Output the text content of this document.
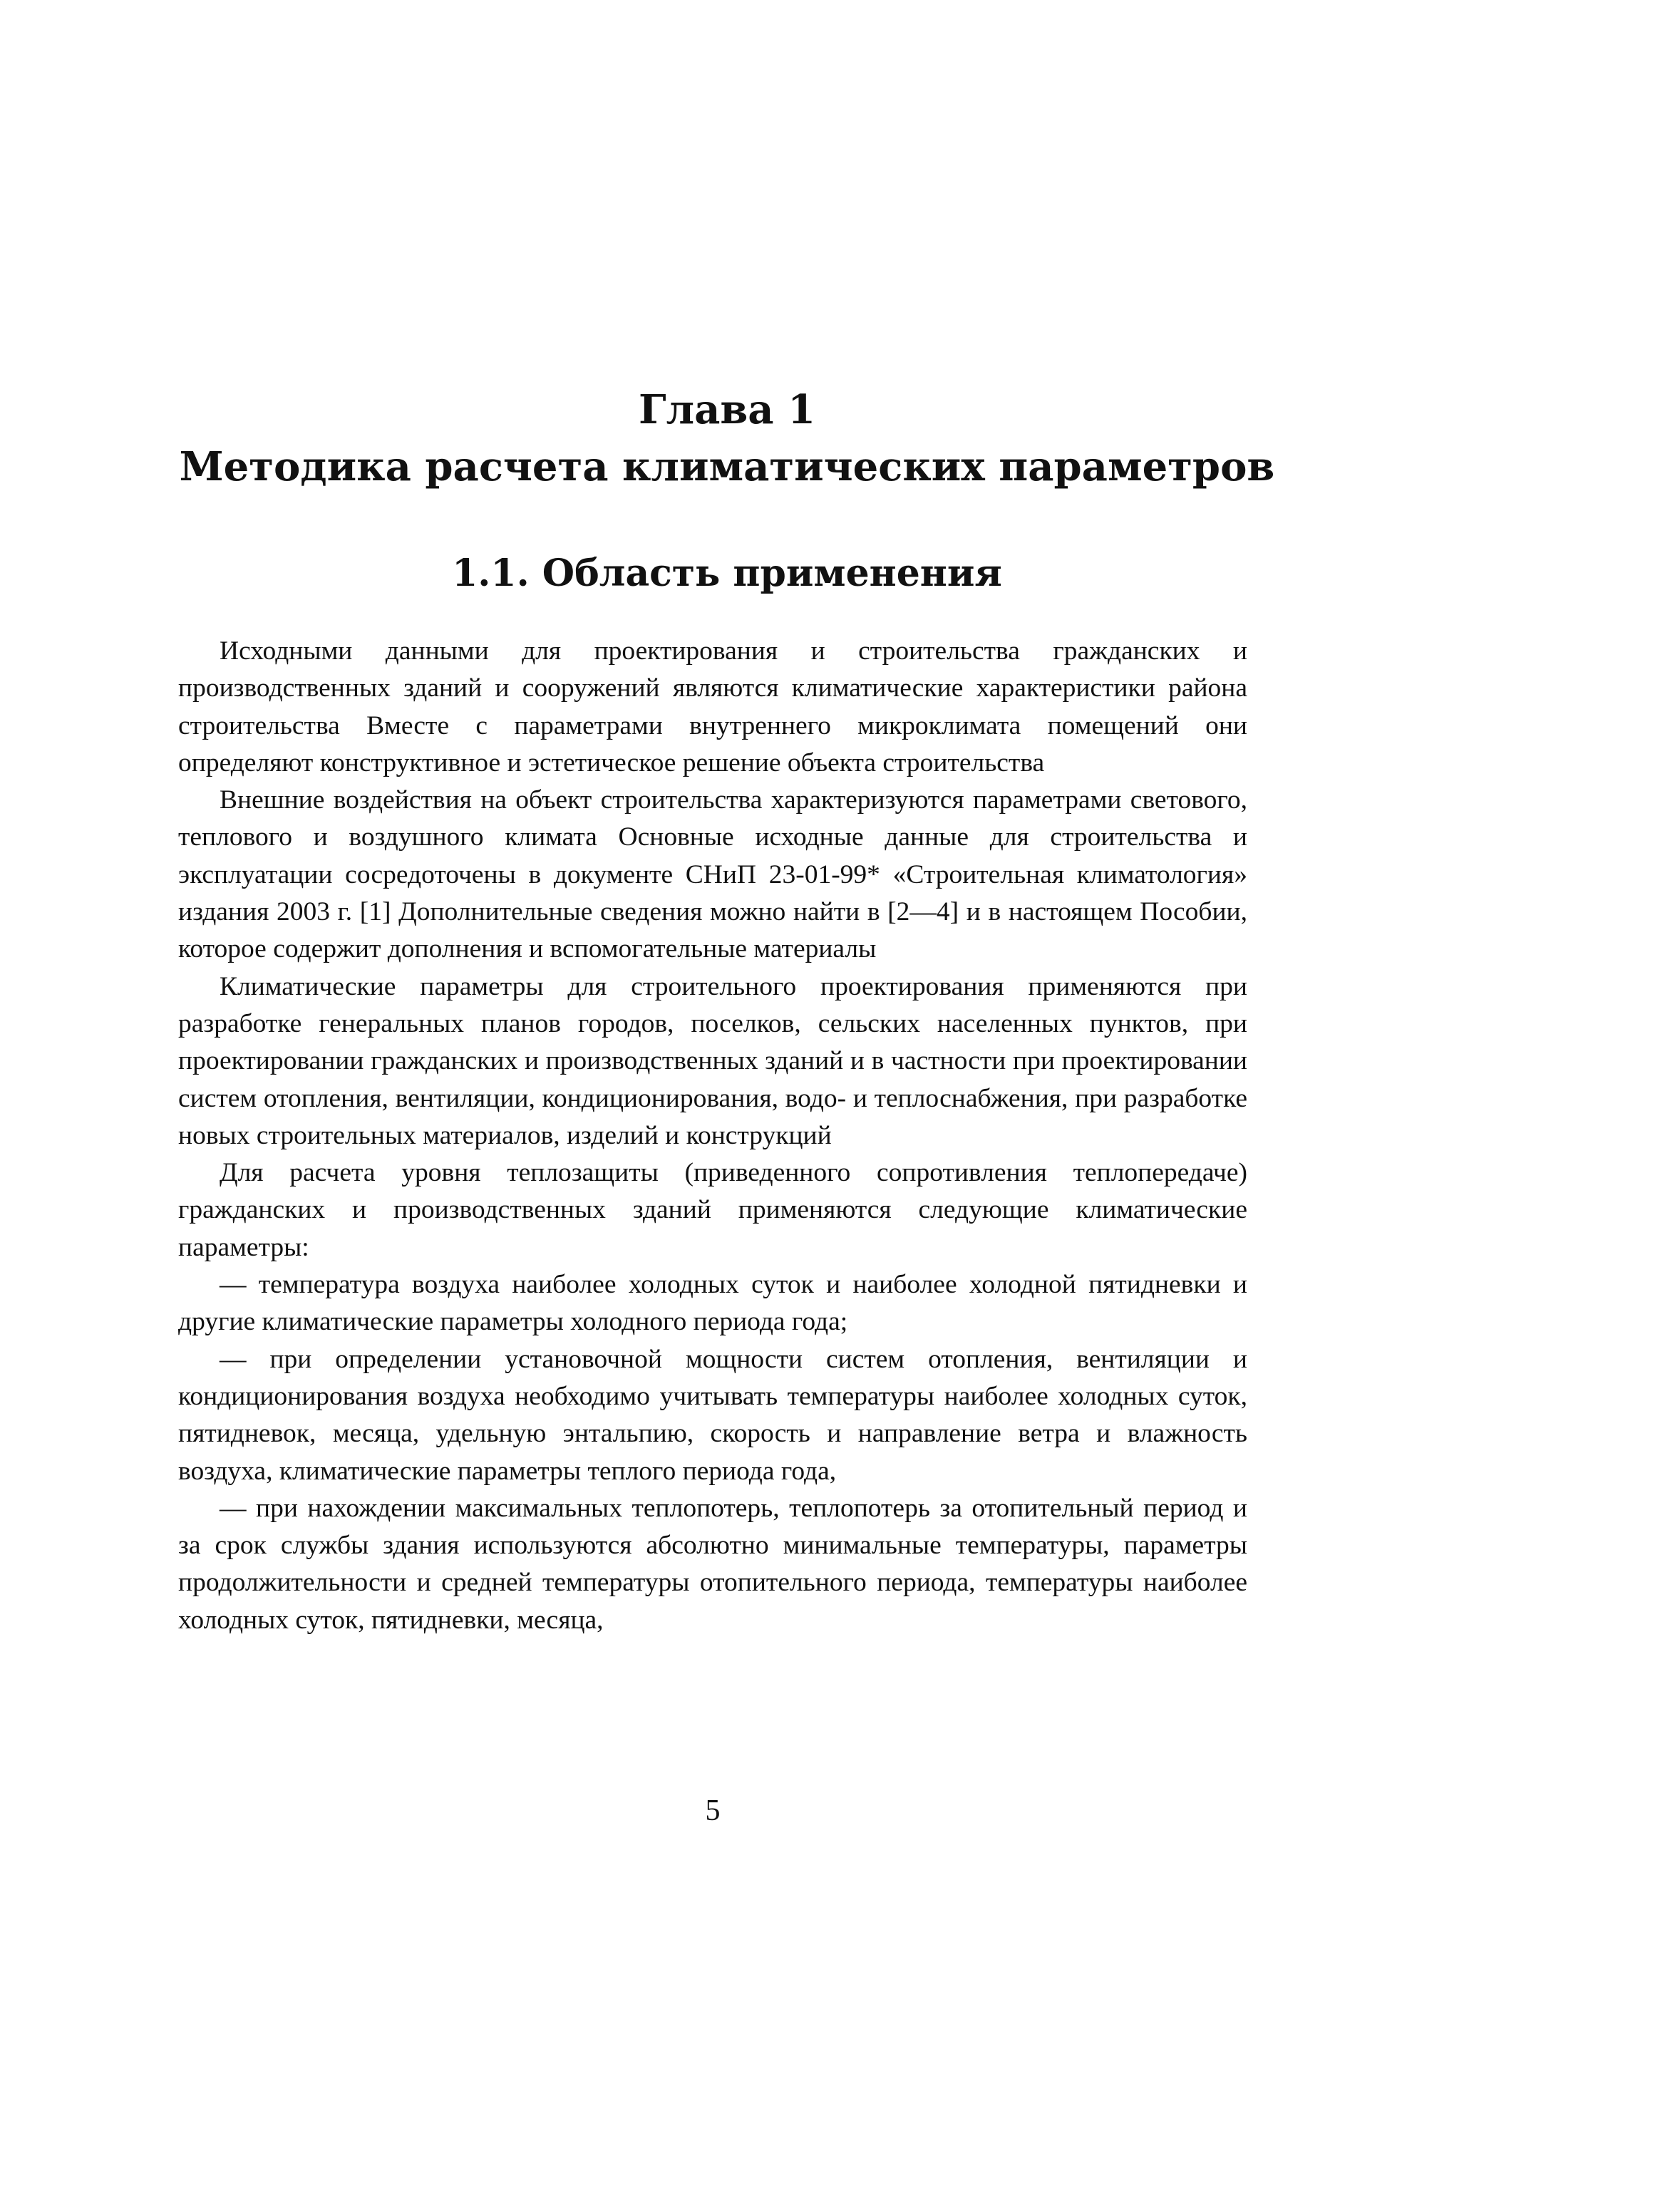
Глава 1
Методика расчета климатических параметров
1.1. Область применения

Исходными данными для проектирования и строительства гражданских и производственных зданий и сооружений являются климатические характеристики района строительства Вместе с параметрами внутреннего микроклимата помещений они определяют конструктивное и эстетическое решение объекта строительства

Внешние воздействия на объект строительства характеризуются параметрами светового, теплового и воздушного климата Основные исходные данные для строительства и эксплуатации сосредоточены в документе СНиП 23-01-99* «Строительная климатология» издания 2003 г. [1] Дополнительные сведения можно найти в [2—4] и в настоящем Пособии, которое содержит дополнения и вспомогательные материалы

Климатические параметры для строительного проектирования применяются при разработке генеральных планов городов, поселков, сельских населенных пунктов, при проектировании гражданских и производственных зданий и в частности при проектировании систем отопления, вентиляции, кондиционирования, водо- и теплоснабжения, при разработке новых строительных материалов, изделий и конструкций

Для расчета уровня теплозащиты (приведенного сопротивления теплопередаче) гражданских и производственных зданий применяются следующие климатические параметры:

— температура воздуха наиболее холодных суток и наиболее холодной пятидневки и другие климатические параметры холодного периода года;

— при определении установочной мощности систем отопления, вентиляции и кондиционирования воздуха необходимо учитывать температуры наиболее холодных суток, пятидневок, месяца, удельную энтальпию, скорость и направление ветра и влажность воздуха, климатические параметры теплого периода года,

— при нахождении максимальных теплопотерь, теплопотерь за отопительный период и за срок службы здания используются абсолютно минимальные температуры, параметры продолжительности и средней температуры отопительного периода, температуры наиболее холодных суток, пятидневки, месяца,

5
